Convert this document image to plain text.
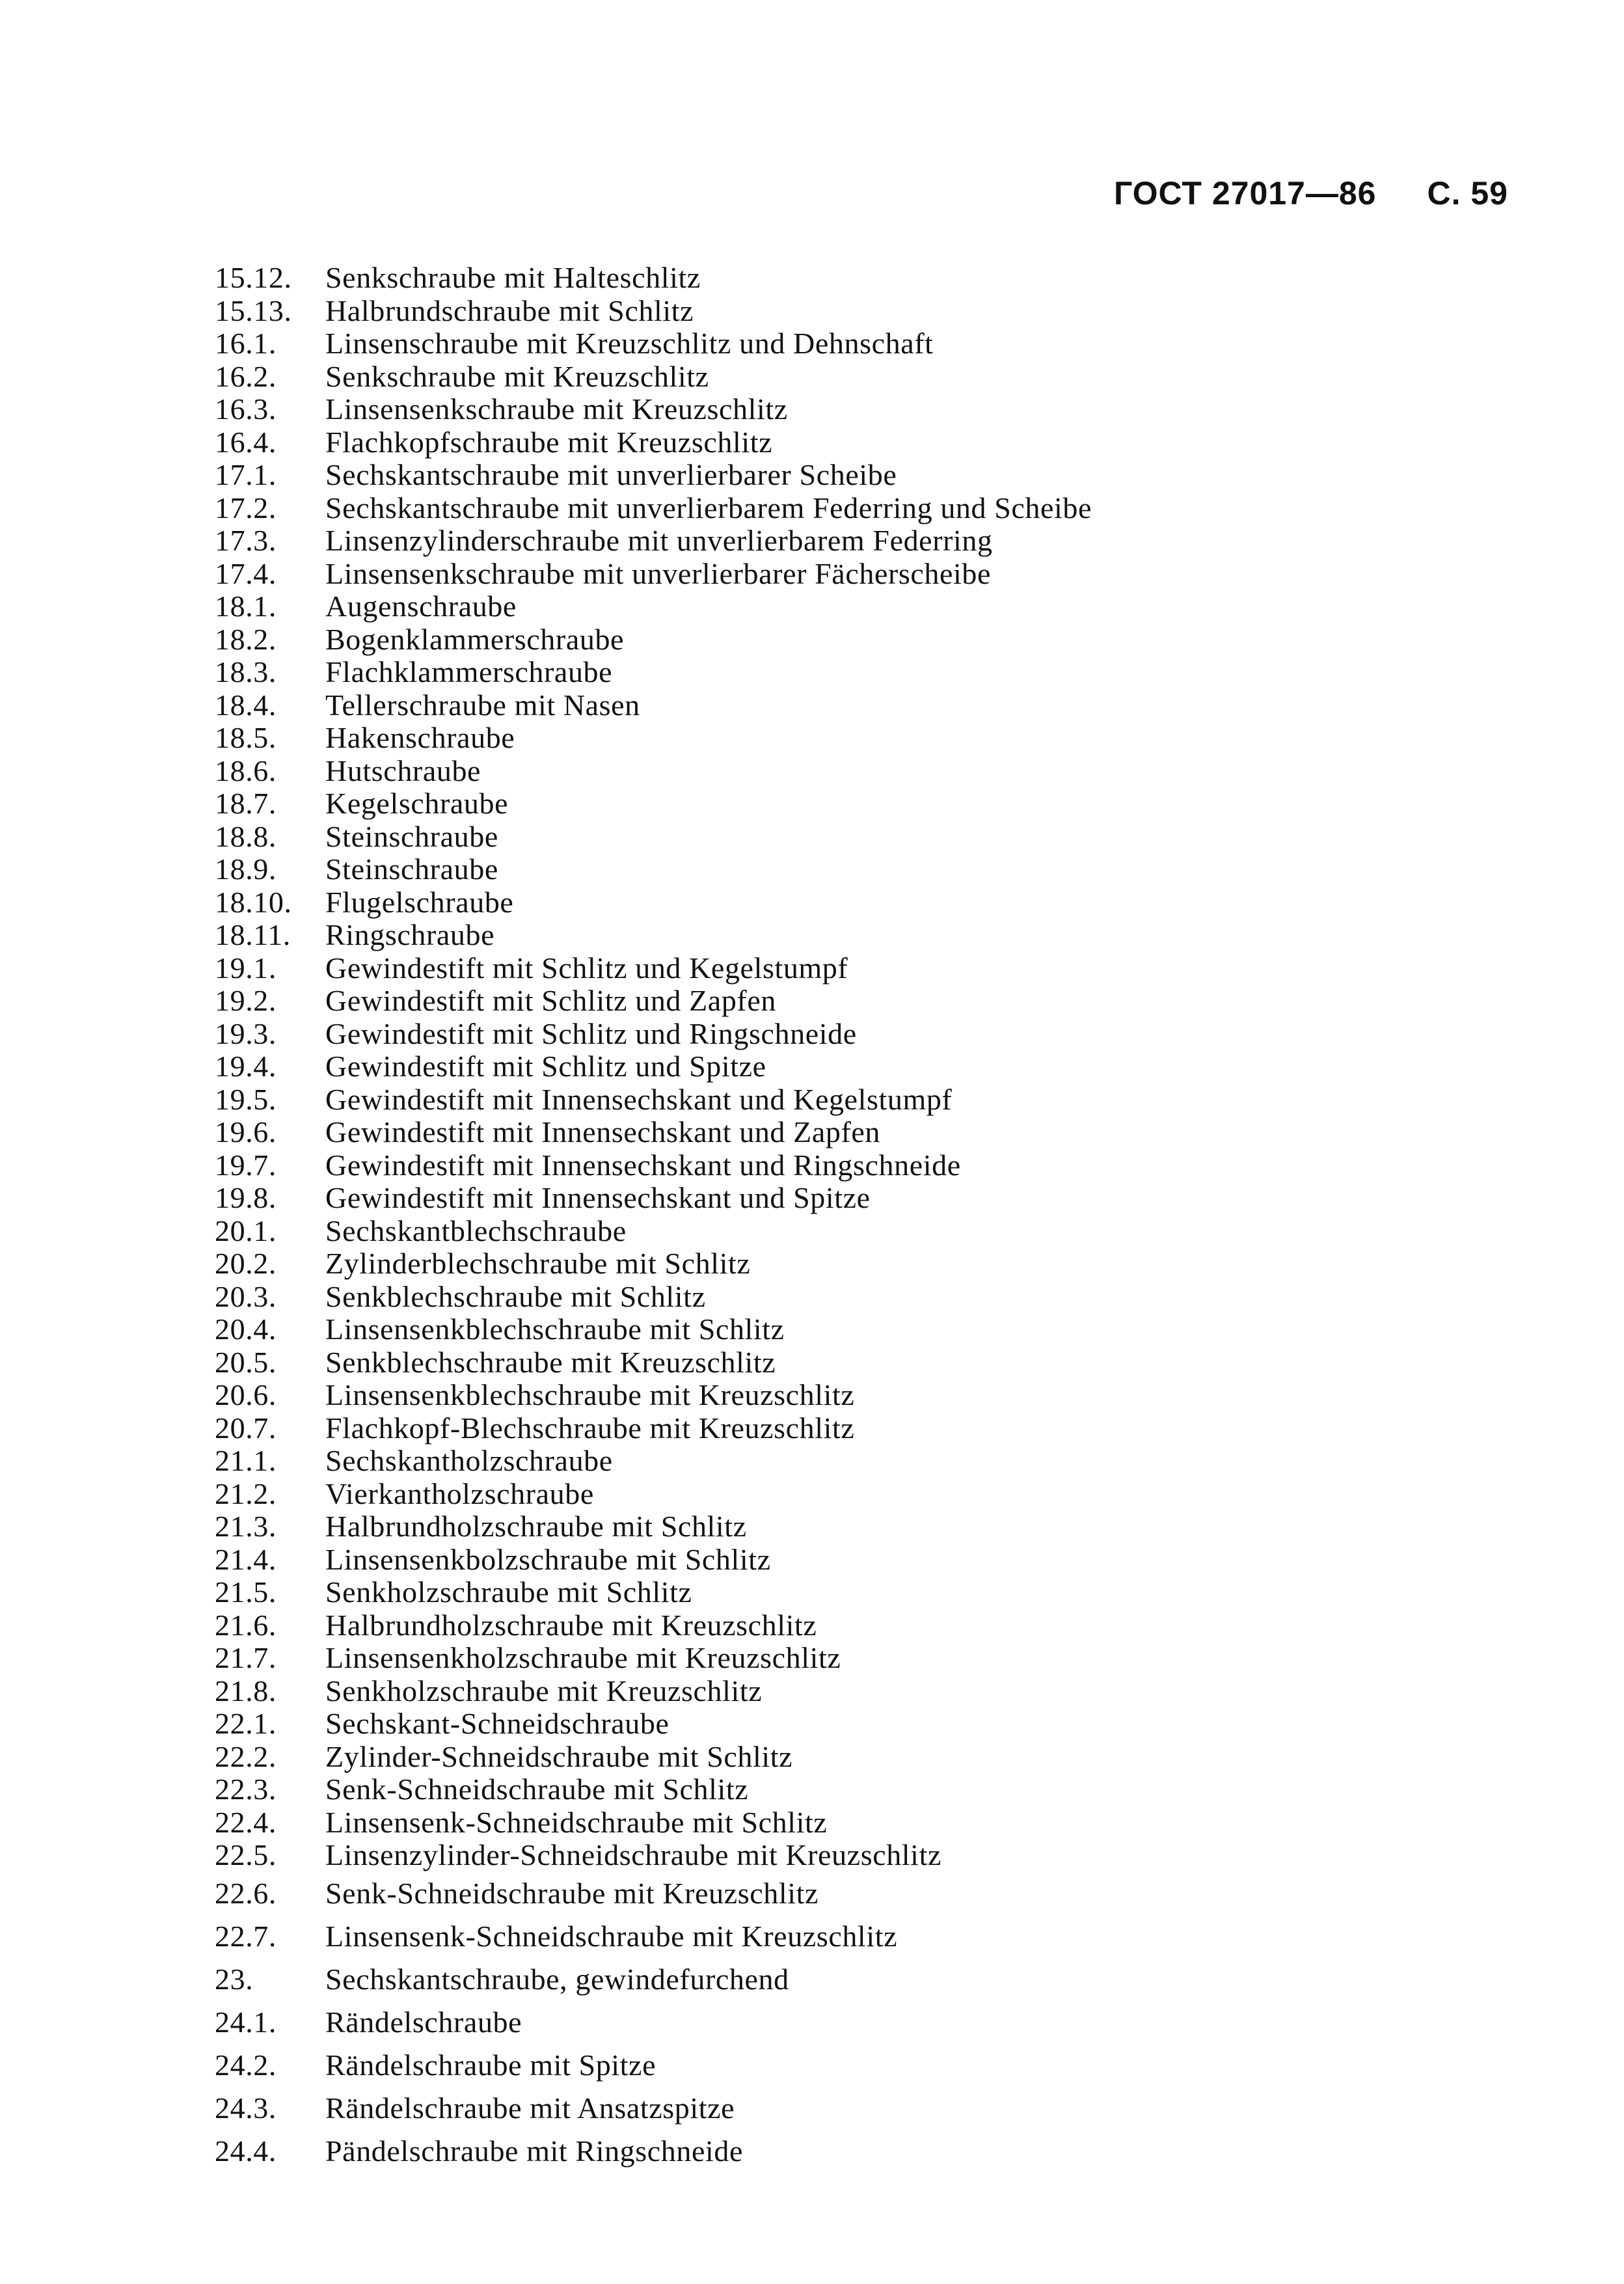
ГОСТ 27017—86 С. 59
15.12.	Senkschraube mit Halteschlitz
15.13.	Halbrundschraube mit Schlitz
16.1.	Linsenschraube mit Kreuzschlitz und Dehnschaft
16.2.	Senkschraube mit Kreuzschlitz
16.3.	Linsensenkschraube mit Kreuzschlitz
16.4.	Flachkopfschraube mit Kreuzschlitz
17.1.	Sechskantschraube mit unverlierbarer Scheibe
17.2.	Sechskantschraube mit unverlierbarem Federring und Scheibe
17.3.	Linsenzylinderschraube mit unverlierbarem Federring
17.4.	Linsensenkschraube mit unverlierbarer Fächerscheibe
18.1.	Augenschraube
18.2.	Bogenklammerschraube
18.3.	Flachklammerschraube
18.4.	Tellerschraube mit Nasen
18.5.	Hakenschraube
18.6.	Hutschraube
18.7.	Kegelschraube
18.8.	Steinschraube
18.9.	Steinschraube
18.10.	Flugelschraube
18.11.	Ringschraube
19.1.	Gewindestift mit Schlitz und Kegelstumpf
19.2.	Gewindestift mit Schlitz und Zapfen
19.3.	Gewindestift mit Schlitz und Ringschneide
19.4.	Gewindestift mit Schlitz und Spitze
19.5.	Gewindestift mit Innensechskant und Kegelstumpf
19.6.	Gewindestift mit Innensechskant und Zapfen
19.7.	Gewindestift mit Innensechskant und Ringschneide
19.8.	Gewindestift mit Innensechskant und Spitze
20.1.	Sechskantblechschraube
20.2.	Zylinderblechschraube mit Schlitz
20.3.	Senkblechschraube mit Schlitz
20.4.	Linsensenkblechschraube mit Schlitz
20.5.	Senkblechschraube mit Kreuzschlitz
20.6.	Linsensenkblechschraube mit Kreuzschlitz
20.7.	Flachkopf-Blechschraube mit Kreuzschlitz
21.1.	Sechskantholzschraube
21.2.	Vierkantholzschraube
21.3.	Halbrundholzschraube mit Schlitz
21.4.	Linsensenkbolzschraube mit Schlitz
21.5.	Senkholzschraube mit Schlitz
21.6.	Halbrundholzschraube mit Kreuzschlitz
21.7.	Linsensenkholzschraube mit Kreuzschlitz
21.8.	Senkholzschraube mit Kreuzschlitz
22.1.	Sechskant-Schneidschraube
22.2.	Zylinder-Schneidschraube mit Schlitz
22.3.	Senk-Schneidschraube mit Schlitz
22.4.	Linsensenk-Schneidschraube mit Schlitz
22.5.	Linsenzylinder-Schneidschraube mit Kreuzschlitz
22.6.	Senk-Schneidschraube mit Kreuzschlitz
22.7.	Linsensenk-Schneidschraube mit Kreuzschlitz
23.	Sechskantschraube, gewindefurchend
24.1.	Rändelschraube
24.2.	Rändelschraube mit Spitze
24.3.	Rändelschraube mit Ansatzspitze
24.4.	Pändelschraube mit Ringschneide
